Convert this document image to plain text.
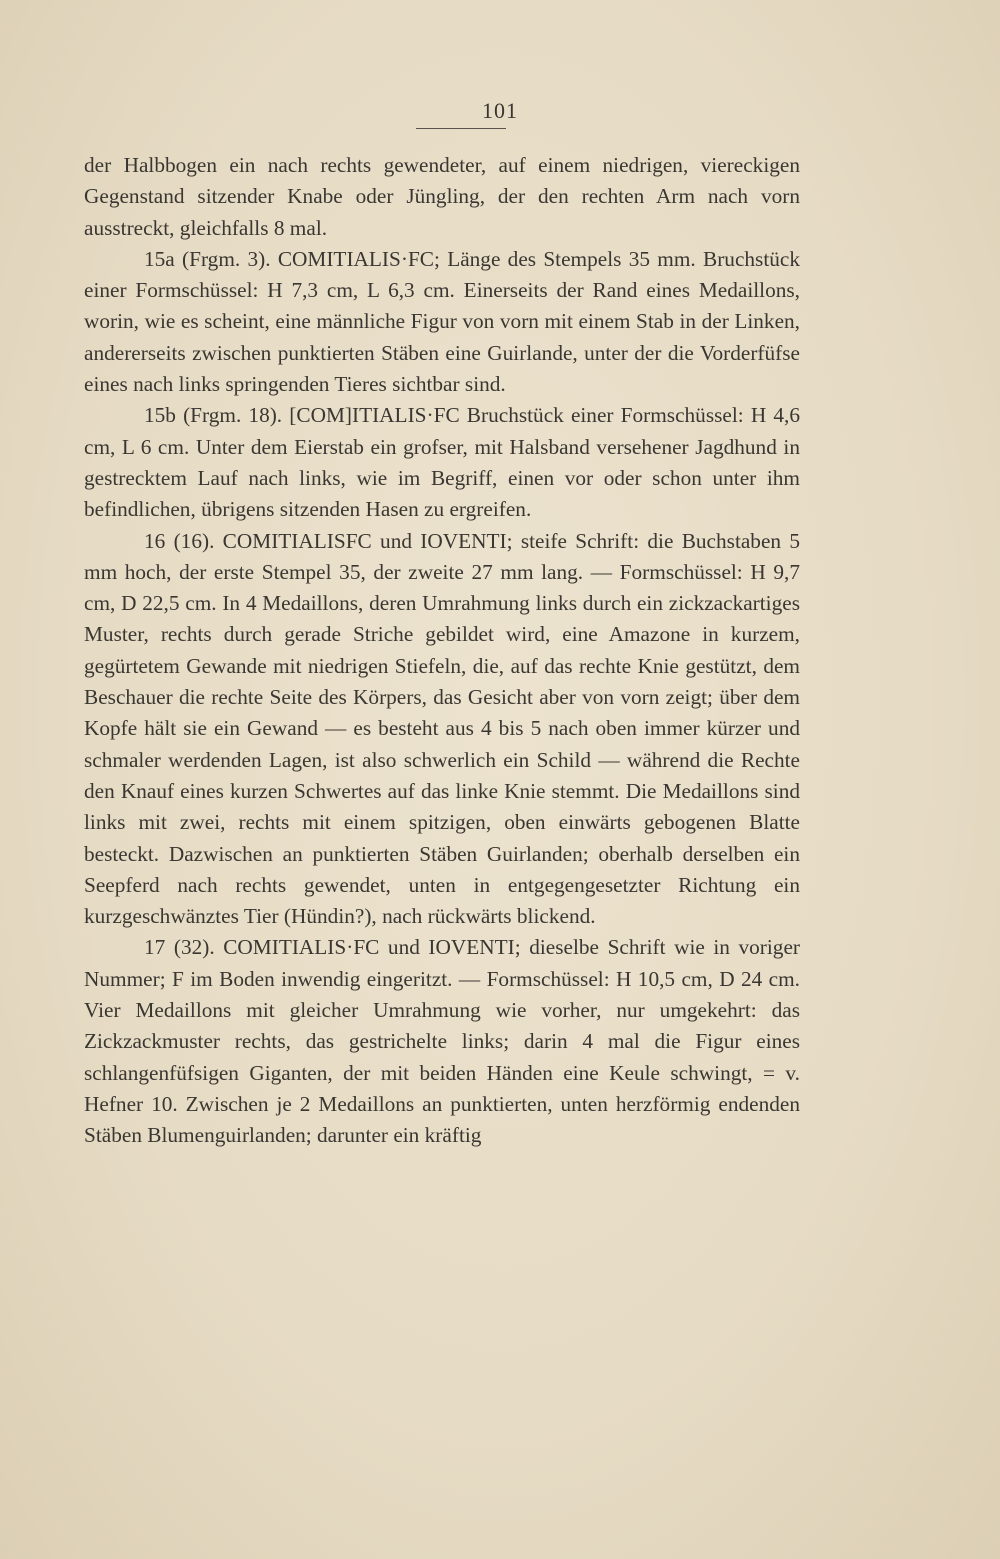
101

der Halbbogen ein nach rechts gewendeter, auf einem niedrigen, viereckigen Gegenstand sitzender Knabe oder Jüngling, der den rechten Arm nach vorn ausstreckt, gleichfalls 8 mal.

15a (Frgm. 3). COMITIALIS·FC; Länge des Stempels 35 mm. Bruchstück einer Formschüssel: H 7,3 cm, L 6,3 cm. Einerseits der Rand eines Medaillons, worin, wie es scheint, eine männliche Figur von vorn mit einem Stab in der Linken, andererseits zwischen punktierten Stäben eine Guirlande, unter der die Vorderfüfse eines nach links springenden Tieres sichtbar sind.

15b (Frgm. 18). [COM]ITIALIS·FC Bruchstück einer Formschüssel: H 4,6 cm, L 6 cm. Unter dem Eierstab ein grofser, mit Halsband versehener Jagdhund in gestrecktem Lauf nach links, wie im Begriff, einen vor oder schon unter ihm befindlichen, übrigens sitzenden Hasen zu ergreifen.

16 (16). COMITIALISFC und IOVENTI; steife Schrift: die Buchstaben 5 mm hoch, der erste Stempel 35, der zweite 27 mm lang. — Formschüssel: H 9,7 cm, D 22,5 cm. In 4 Medaillons, deren Umrahmung links durch ein zickzackartiges Muster, rechts durch gerade Striche gebildet wird, eine Amazone in kurzem, gegürtetem Gewande mit niedrigen Stiefeln, die, auf das rechte Knie gestützt, dem Beschauer die rechte Seite des Körpers, das Gesicht aber von vorn zeigt; über dem Kopfe hält sie ein Gewand — es besteht aus 4 bis 5 nach oben immer kürzer und schmaler werdenden Lagen, ist also schwerlich ein Schild — während die Rechte den Knauf eines kurzen Schwertes auf das linke Knie stemmt. Die Medaillons sind links mit zwei, rechts mit einem spitzigen, oben einwärts gebogenen Blatte besteckt. Dazwischen an punktierten Stäben Guirlanden; oberhalb derselben ein Seepferd nach rechts gewendet, unten in entgegengesetzter Richtung ein kurzgeschwänztes Tier (Hündin?), nach rückwärts blickend.

17 (32). COMITIALIS·FC und IOVENTI; dieselbe Schrift wie in voriger Nummer; F im Boden inwendig eingeritzt. — Formschüssel: H 10,5 cm, D 24 cm. Vier Medaillons mit gleicher Umrahmung wie vorher, nur umgekehrt: das Zickzackmuster rechts, das gestrichelte links; darin 4 mal die Figur eines schlangenfüfsigen Giganten, der mit beiden Händen eine Keule schwingt, = v. Hefner 10. Zwischen je 2 Medaillons an punktierten, unten herzförmig endenden Stäben Blumenguirlanden; darunter ein kräftig
